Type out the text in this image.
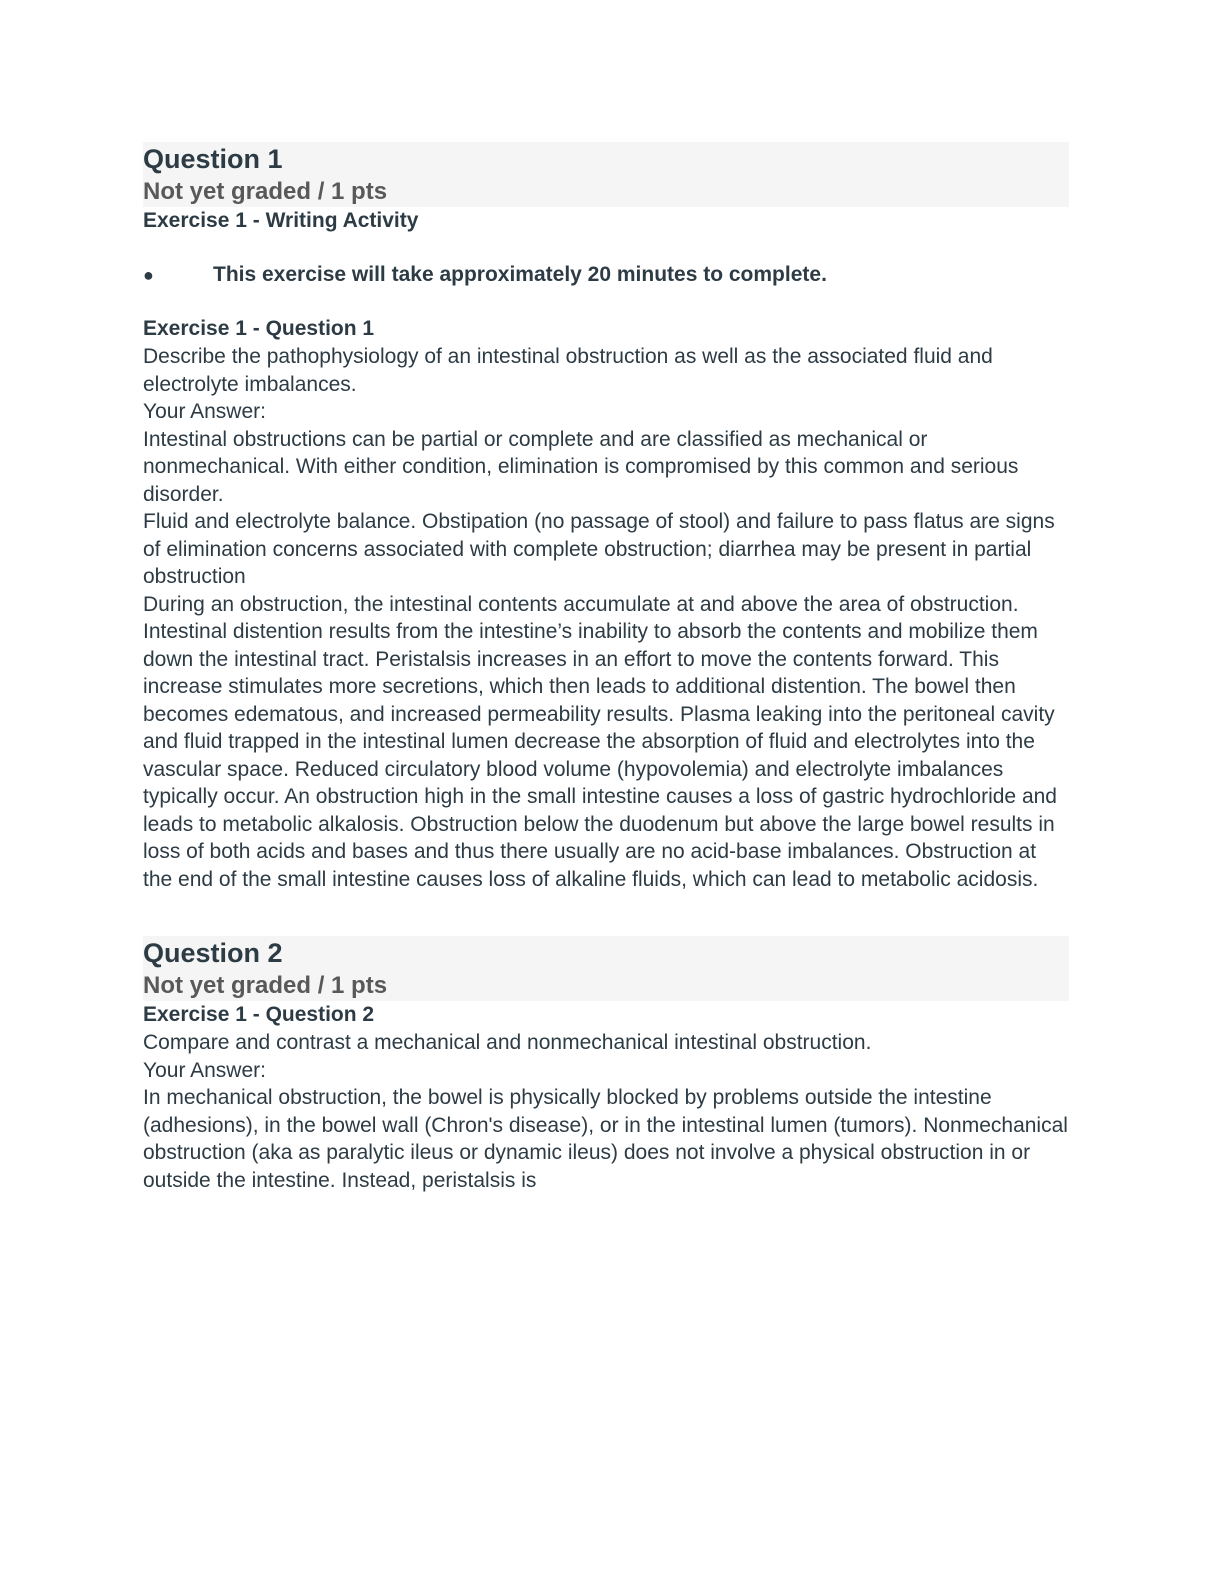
Question 1
Not yet graded / 1 pts
Exercise 1 - Writing Activity
●	This exercise will take approximately 20 minutes to complete.
Exercise 1 - Question 1

Describe the pathophysiology of an intestinal obstruction as well as the associated fluid and electrolyte imbalances.

Your Answer:

Intestinal obstructions can be partial or complete and are classified as mechanical or nonmechanical. With either condition, elimination is compromised by this common and serious disorder.

Fluid and electrolyte balance. Obstipation (no passage of stool) and failure to pass flatus are signs of elimination concerns associated with complete obstruction; diarrhea may be present in partial obstruction

During an obstruction, the intestinal contents accumulate at and above the area of obstruction. Intestinal distention results from the intestine’s inability to absorb the contents and mobilize them down the intestinal tract. Peristalsis increases in an effort to move the contents forward. This increase stimulates more secretions, which then leads to additional distention. The bowel then becomes edematous, and increased permeability results. Plasma leaking into the peritoneal cavity and fluid trapped in the intestinal lumen decrease the absorption of fluid and electrolytes into the vascular space. Reduced circulatory blood volume (hypovolemia) and electrolyte imbalances typically occur. An obstruction high in the small intestine causes a loss of gastric hydrochloride and leads to metabolic alkalosis. Obstruction below the duodenum but above the large bowel results in loss of both acids and bases and thus there usually are no acid-base imbalances. Obstruction at the end of the small intestine causes loss of alkaline fluids, which can lead to metabolic acidosis.

Question 2
Not yet graded / 1 pts
Exercise 1 - Question 2

Compare and contrast a mechanical and nonmechanical intestinal obstruction.

Your Answer:

In mechanical obstruction, the bowel is physically blocked by problems outside the intestine (adhesions), in the bowel wall (Chron's disease), or in the intestinal lumen (tumors). Nonmechanical obstruction (aka as paralytic ileus or dynamic ileus) does not involve a physical obstruction in or outside the intestine. Instead, peristalsis is
